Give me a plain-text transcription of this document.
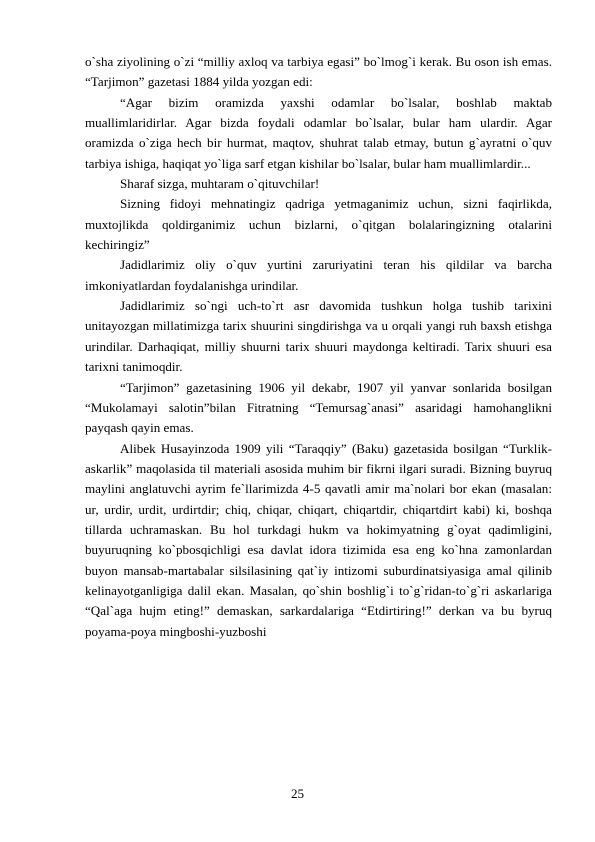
o`sha ziyolining o`zi “milliy axloq va tarbiya egasi” bo`lmog`i kerak. Bu oson ish emas. “Tarjimon” gazetasi 1884 yilda yozgan edi:

“Agar bizim oramizda yaxshi odamlar bo`lsalar, boshlab maktab muallimlaridirlar. Agar bizda foydali odamlar bo`lsalar, bular ham ulardir. Agar oramizda o`ziga hech bir hurmat, maqtov, shuhrat talab etmay, butun g`ayratni o`quv tarbiya ishiga, haqiqat yo`liga sarf etgan kishilar bo`lsalar, bular ham muallimlardir...

Sharaf sizga, muhtaram o`qituvchilar!

Sizning fidoyi mehnatingiz qadriga yetmaganimiz uchun, sizni faqirlikda, muxtojlikda qoldirganimiz uchun bizlarni, o`qitgan bolalaringizning otalarini kechiringiz”

Jadidlarimiz oliy o`quv yurtini zaruriyatini teran his qildilar va barcha imkoniyatlardan foydalanishga urindilar.

Jadidlarimiz so`ngi uch-to`rt asr davomida tushkun holga tushib tarixini unitayozgan millatimizga tarix shuurini singdirishga va u orqali yangi ruh baxsh etishga urindilar. Darhaqiqat, milliy shuurni tarix shuuri maydonga keltiradi. Tarix shuuri esa tarixni tanimoqdir.

“Tarjimon” gazetasining 1906 yil dekabr, 1907 yil yanvar sonlarida bosilgan “Mukolamayi salotin”bilan Fitratning “Temursag`anasi” asaridagi hamohanglikni payqash qayin emas.

Alibek Husayinzoda 1909 yili “Taraqqiy” (Baku) gazetasida bosilgan “Turklik-askarlik” maqolasida til materiali asosida muhim bir fikrni ilgari suradi. Bizning buyruq maylini anglatuvchi ayrim fe`llarimizda 4-5 qavatli amir ma`nolari bor ekan (masalan: ur, urdir, urdit, urdirtdir; chiq, chiqar, chiqart, chiqartdir, chiqartdirt kabi) ki, boshqa tillarda uchramaskan. Bu hol turkdagi hukm va hokimyatning g`oyat qadimligini, buyuruqning ko`pbosqichligi esa davlat idora tizimida esa eng ko`hna zamonlardan buyon mansab-martabalar silsilasining qat`iy intizomi suburdinatsiyasiga amal qilinib kelinayotganligiga dalil ekan. Masalan, qo`shin boshlig`i to`g`ridan-to`g`ri askarlariga “Qal`aga hujm eting!” demaskan, sarkardalariga “Etdirtiring!” derkan va bu byruq poyama-poya mingboshi-yuzboshi

25
